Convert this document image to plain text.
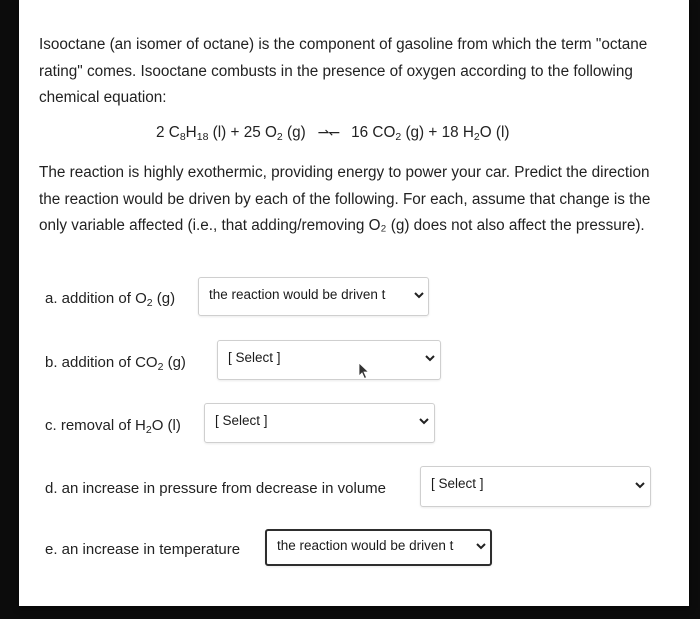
Isooctane (an isomer of octane) is the component of gasoline from which the term "octane rating" comes. Isooctane combusts in the presence of oxygen according to the following chemical equation:
2 $C_8H_{18}$ (l) + 25 $O_2$ (g) ⇀↽ 16 $CO_2$ (g) + 18 $H_2O$ (l)
The reaction is highly exothermic, providing energy to power your car. Predict the direction the reaction would be driven by each of the following. For each, assume that change is the only variable affected (i.e., that adding/removing O₂ (g) does not also affect the pressure).
a. addition of $O_2$ (g)	the reaction would be driven t
b. addition of $CO_2$ (g)	[ Select ]
c. removal of $H_2O$ (l)	[ Select ]
d. an increase in pressure from decrease in volume	[ Select ]
e. an increase in temperature	the reaction would be driven t
